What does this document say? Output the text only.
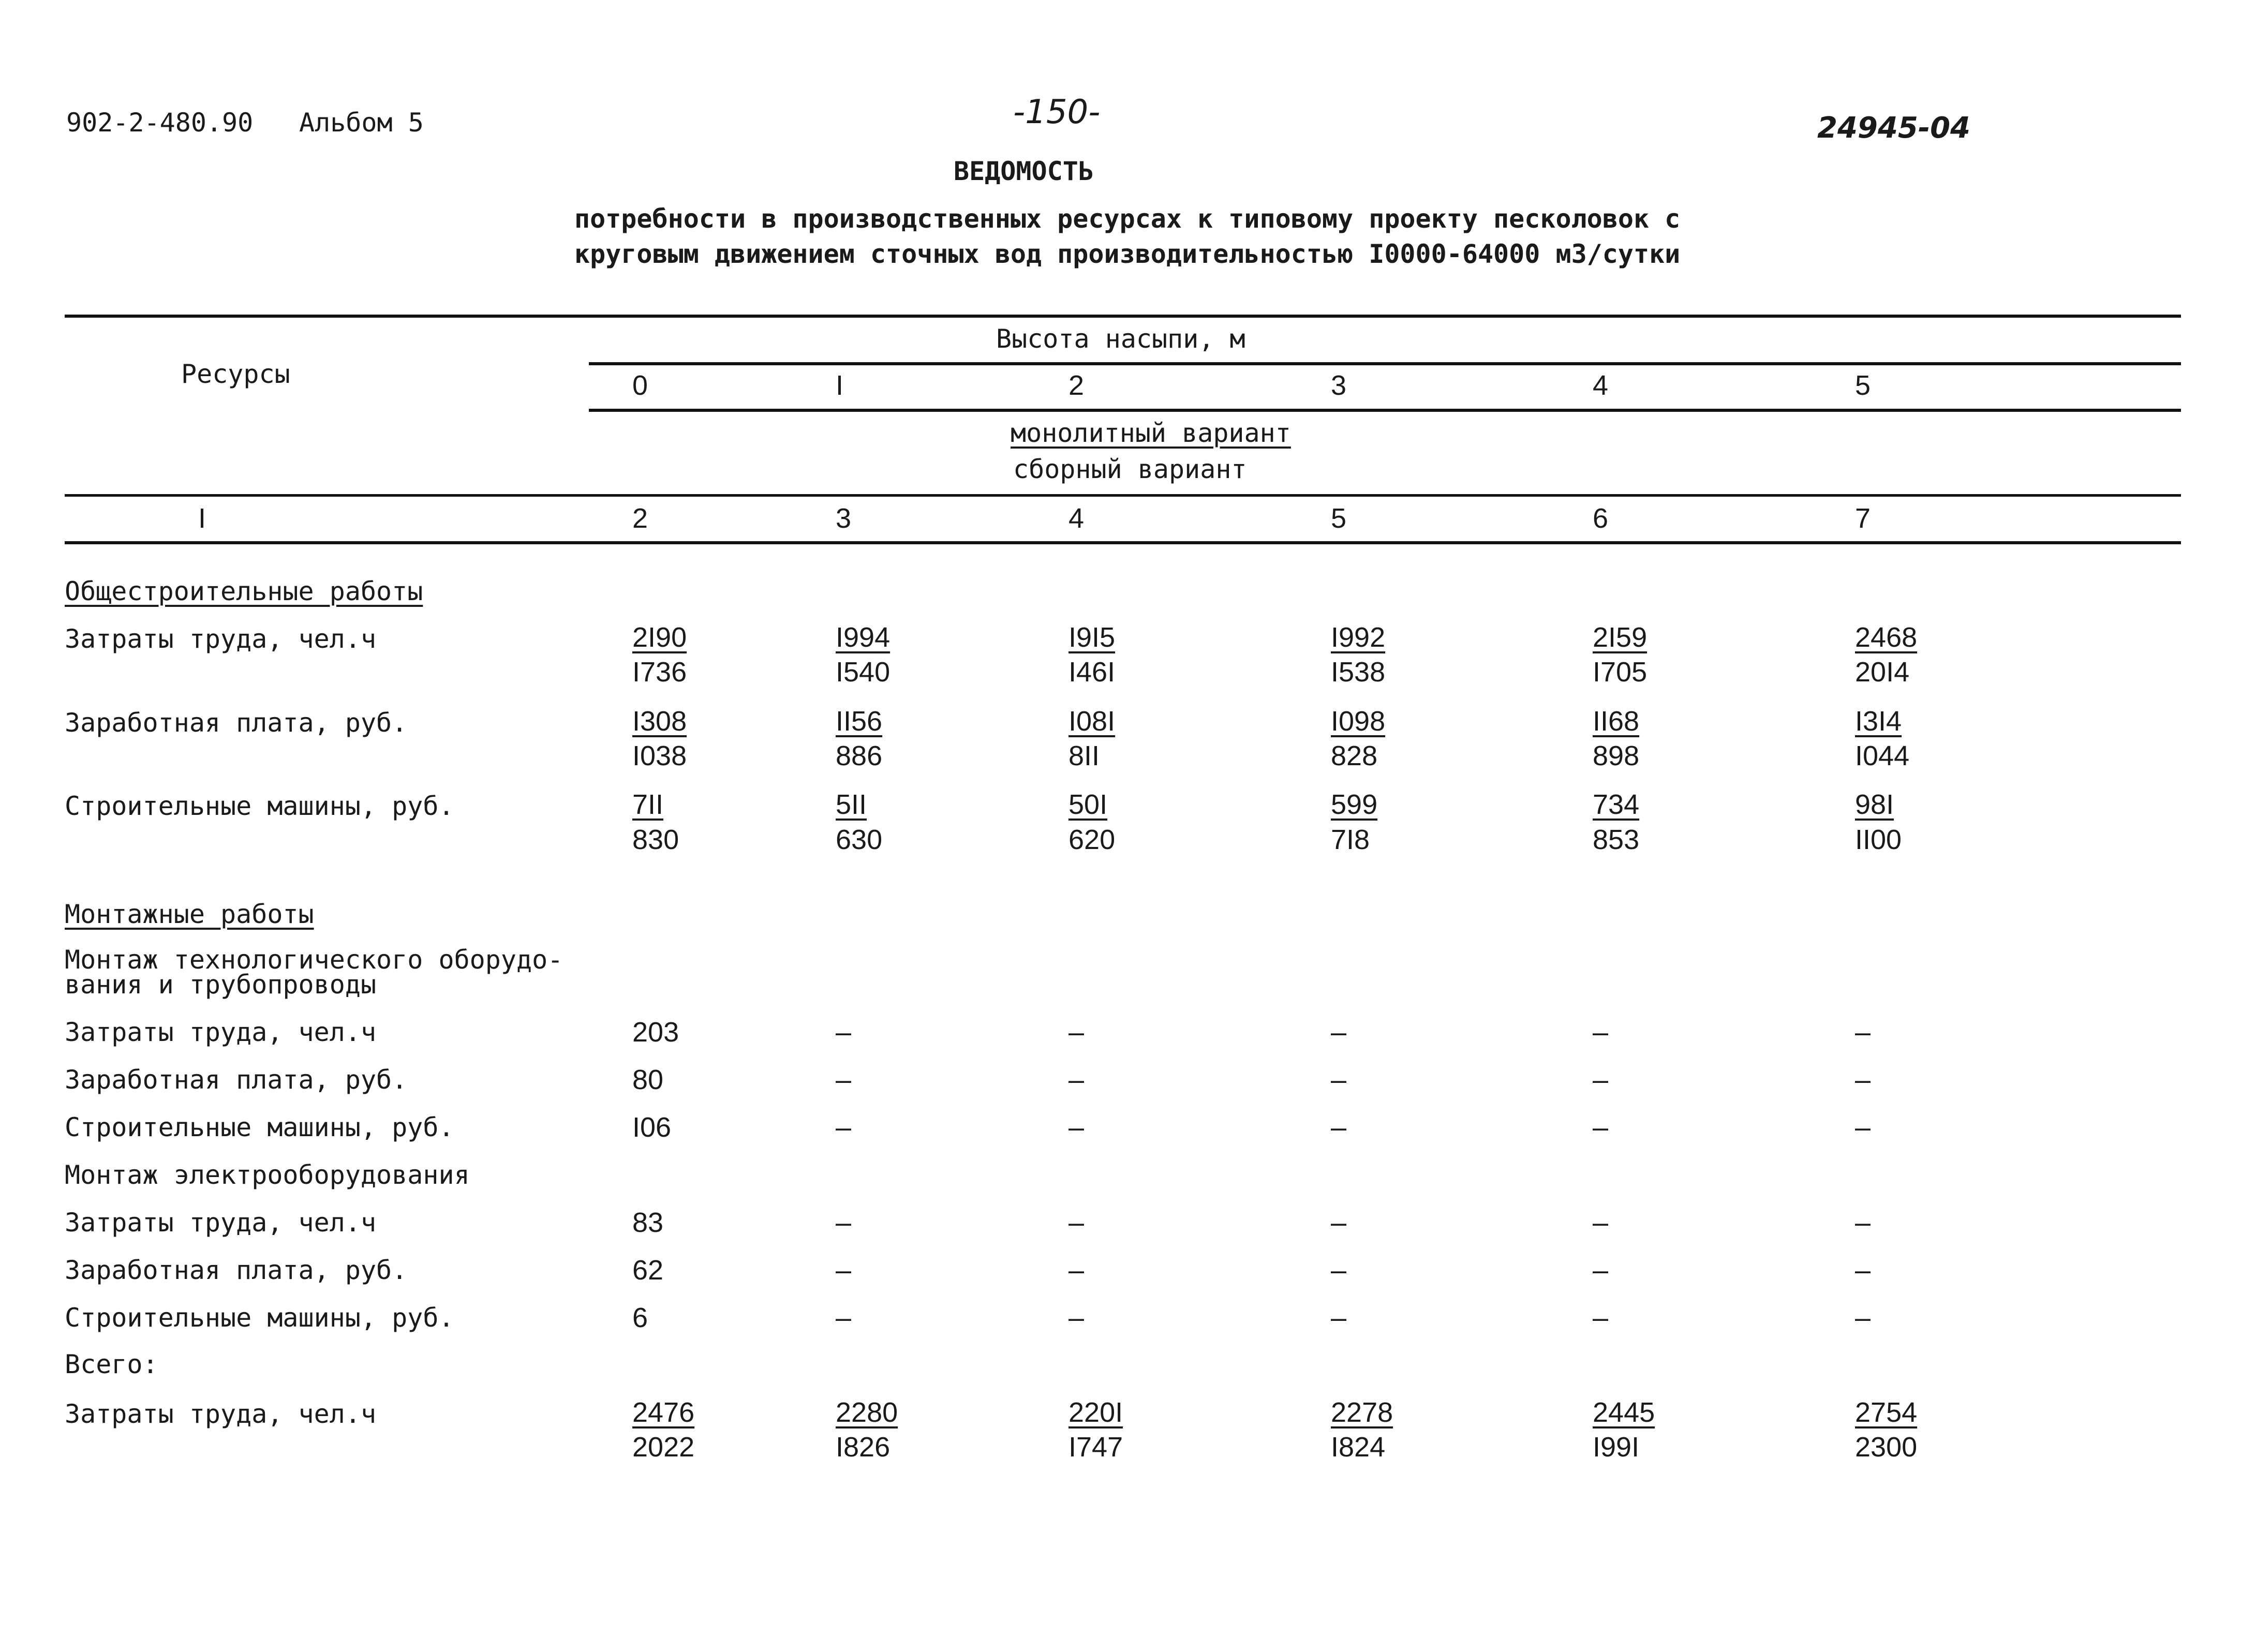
902-2-480.90 Альбом 5	-150-	24945-04
ВЕДОМОСТЬ
потребности в производственных ресурсах к типовому проекту песколовок с
круговым движением сточных вод производительностью I0000-64000 м3/сутки
Ресурсы
Высота насыпи, м
0	I	2	3	4	5
монолитный вариант
сборный вариант
I	2	3	4	5	6	7
Общестроительные работы
Затраты труда, чел.ч	2I90	I994	I9I5	I992	2I59	2468
I736	I540	I46I	I538	I705	20I4
Заработная плата, руб.	I308	II56	I08I	I098	II68	I3I4
I038	886	8II	828	898	I044
Строительные машины, руб.	7II	5II	50I	599	734	98I
830	630	620	7I8	853	II00
Монтажные работы
Монтаж технологического оборудо-
вания и трубопроводы
Затраты труда, чел.ч	203	–	–	–	–	–
Заработная плата, руб.	80	–	–	–	–	–
Строительные машины, руб.	I06	–	–	–	–	–
Монтаж электрооборудования
Затраты труда, чел.ч	83	–	–	–	–	–
Заработная плата, руб.	62	–	–	–	–	–
Строительные машины, руб.	6	–	–	–	–	–
Всего:
Затраты труда, чел.ч	2476	2280	220I	2278	2445	2754
2022	I826	I747	I824	I99I	2300
